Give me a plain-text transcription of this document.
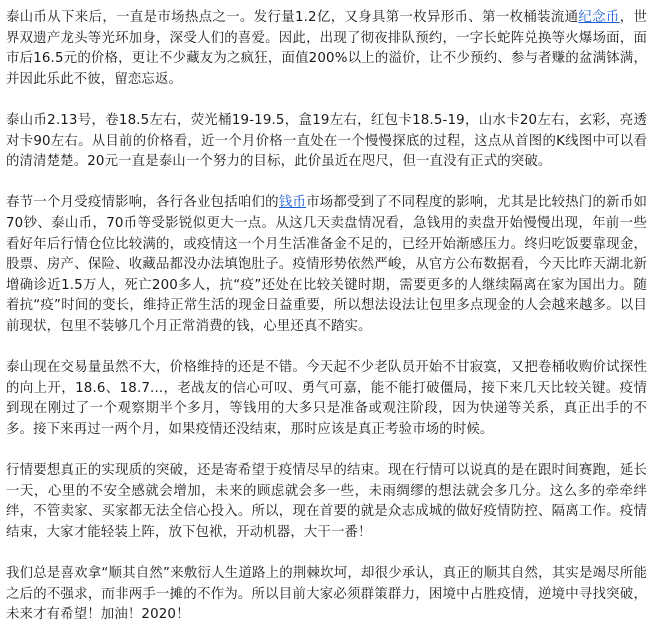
泰山币从下来后，一直是市场热点之一。发行量1.2亿，又身具第一枚异形币、第一枚桶装流通纪念币，世界双遗产龙头等光环加身，深受人们的喜爱。因此，出现了彻夜排队预约，一字长蛇阵兑换等火爆场面，面市后16.5元的价格，更让不少藏友为之疯狂，面值200%以上的溢价，让不少预约、参与者赚的盆满钵满，并因此乐此不彼，留恋忘返。

泰山币2.13号，卷18.5左右，荧光桶19-19.5，盒19左右，红包卡18.5-19，山水卡20左右，玄彩，亮透对卡90左右。从目前的价格看，近一个月价格一直处在一个慢慢探底的过程，这点从首图的K线图中可以看的清清楚楚。20元一直是泰山一个努力的目标，此价虽近在咫尺，但一直没有正式的突破。

春节一个月受疫情影响，各行各业包括咱们的钱币市场都受到了不同程度的影响，尤其是比较热门的新币如70钞、泰山币，70币等受影锐似更大一点。从这几天卖盘情况看，急钱用的卖盘开始慢慢出现，年前一些看好年后行情仓位比较满的，或疫情这一个月生活准备金不足的，已经开始渐感压力。终归吃饭要靠现金，股票、房产、保险、收藏品都没办法填饱肚子。疫情形势依然严峻，从官方公布数据看，今天比昨天湖北新增确诊近1.5万人，死亡200多人，抗“疫”还处在比较关键时期，需要更多的人继续隔离在家为国出力。随着抗“疫”时间的变长，维持正常生活的现金日益重要，所以想法设法让包里多点现金的人会越来越多。以目前现状，包里不装够几个月正常消费的钱，心里还真不踏实。

泰山现在交易量虽然不大，价格维持的还是不错。今天起不少老队员开始不甘寂寞，又把卷桶收购价试探性的向上开，18.6、18.7...，老战友的信心可叹、勇气可嘉，能不能打破僵局，接下来几天比较关键。疫情到现在刚过了一个观察期半个多月，等钱用的大多只是准备或观注阶段，因为快递等关系，真正出手的不多。接下来再过一两个月，如果疫情还没结束，那时应该是真正考验市场的时候。

行情要想真正的实现质的突破，还是寄希望于疫情尽早的结束。现在行情可以说真的是在跟时间赛跑，延长一天，心里的不安全感就会增加，未来的顾虑就会多一些，未雨绸缪的想法就会多几分。这么多的牵牵绊绊，不管卖家、买家都无法全信心投入。所以，现在首要的就是众志成城的做好疫情防控、隔离工作。疫情结束，大家才能轻装上阵，放下包袱，开动机器，大干一番！

我们总是喜欢拿“顺其自然”来敷衍人生道路上的荆棘坎坷，却很少承认，真正的顺其自然，其实是竭尽所能之后的不强求，而非两手一摊的不作为。所以目前大家必须群策群力，困境中占胜疫情，逆境中寻找突破，未来才有希望！加油！2020！
